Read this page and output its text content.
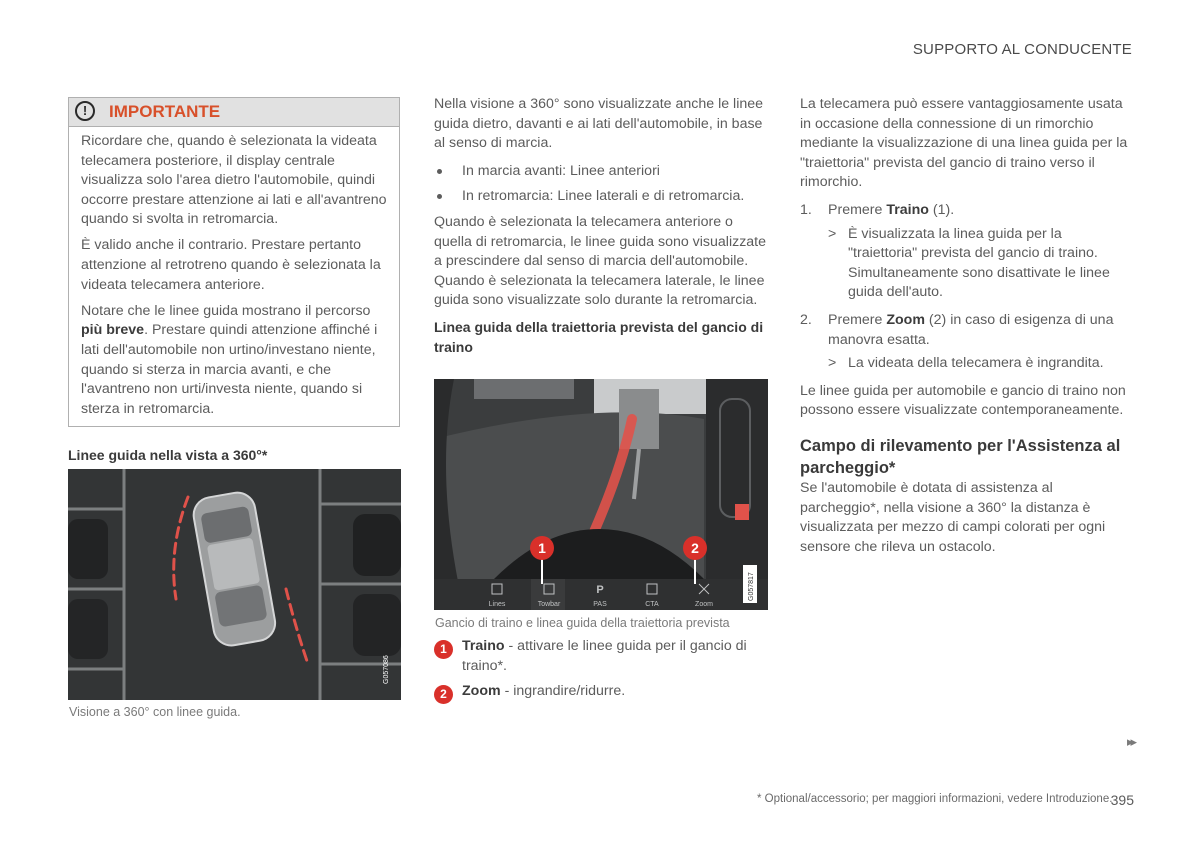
SUPPORTO AL CONDUCENTE
!	IMPORTANTE

Ricordare che, quando è selezionata la videata telecamera posteriore, il display centrale visualizza solo l'area dietro l'automobile, quindi occorre prestare attenzione ai lati e all'avantreno quando si svolta in retromarcia.

È valido anche il contrario. Prestare pertanto attenzione al retrotreno quando è selezionata la videata telecamera anteriore.

Notare che le linee guida mostrano il percorso più breve. Prestare quindi attenzione affinché i lati dell'automobile non urtino/investano niente, quando si sterza in marcia avanti, e che l'avantreno non urti/investa niente, quando si sterza in retromarcia.

Linee guida nella vista a 360°*
G057086
Visione a 360° con linee guida.

Nella visione a 360° sono visualizzate anche le linee guida dietro, davanti e ai lati dell'automobile, in base al senso di marcia.

In marcia avanti: Linee anteriori

In retromarcia: Linee laterali e di retromarcia.

Quando è selezionata la telecamera anteriore o quella di retromarcia, le linee guida sono visualizzate a prescindere dal senso di marcia dell'automobile. Quando è selezionata la telecamera laterale, le linee guida sono visualizzate solo durante la retromarcia.

Linea guida della traiettoria prevista del gancio di traino
Lines	Towbar	PAS	CTA	Zoom
P
1	2
G057817
Gancio di traino e linea guida della traiettoria prevista
1	Traino - attivare le linee guida per il gancio di traino*.
2	Zoom - ingrandire/ridurre.

La telecamera può essere vantaggiosamente usata in occasione della connessione di un rimorchio mediante la visualizzazione di una linea guida per la "traiettoria" prevista del gancio di traino verso il rimorchio.

1. Premere Traino (1).

> È visualizzata la linea guida per la "traiettoria" prevista del gancio di traino. Simultaneamente sono disattivate le linee guida dell'auto.

2. Premere Zoom (2) in caso di esigenza di una manovra esatta.

> La videata della telecamera è ingrandita.

Le linee guida per automobile e gancio di traino non possono essere visualizzate contemporaneamente.

Campo di rilevamento per l'Assistenza al parcheggio*

Se l'automobile è dotata di assistenza al parcheggio*, nella visione a 360° la distanza è visualizzata per mezzo di campi colorati per ogni sensore che rileva un ostacolo.

▸▸
* Optional/accessorio; per maggiori informazioni, vedere Introduzione.
395
